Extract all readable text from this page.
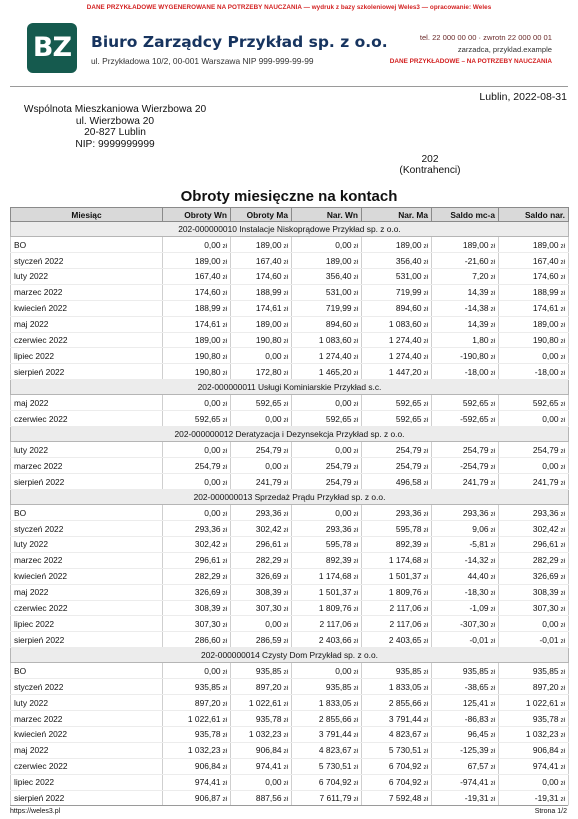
DANE PRZYKŁADOWE WYGENEROWANE NA POTRZEBY NAUCZANIA — wydruk z bazy szkoleniowej Weles3 — opracowanie: Weles
BZ	Biuro Zarządcy Przykład sp. z o.o.
ul. Przykładowa 10/2, 00-001 Warszawa NIP 999-999-99-99
tel. 22 000 00 00 · zwrotn 22 000 00 01
zarzadca, przyklad.example
DANE PRZYKŁADOWE – NA POTRZEBY NAUCZANIA
Lublin, 2022-08-31
Wspólnota Mieszkaniowa Wierzbowa 20
ul. Wierzbowa 20
20-827 Lublin
NIP: 9999999999
202
(Kontrahenci)
Obroty miesięczne na kontach
Miesiąc	Obroty Wn	Obroty Ma	Nar. Wn	Nar. Ma	Saldo mc-a	Saldo nar.
202-000000010 Instalacje Niskoprądowe Przykład sp. z o.o.						
BO	0,00 zł	189,00 zł	0,00 zł	189,00 zł	189,00 zł	189,00 zł
styczeń 2022	189,00 zł	167,40 zł	189,00 zł	356,40 zł	-21,60 zł	167,40 zł
luty 2022	167,40 zł	174,60 zł	356,40 zł	531,00 zł	7,20 zł	174,60 zł
marzec 2022	174,60 zł	188,99 zł	531,00 zł	719,99 zł	14,39 zł	188,99 zł
kwiecień 2022	188,99 zł	174,61 zł	719,99 zł	894,60 zł	-14,38 zł	174,61 zł
maj 2022	174,61 zł	189,00 zł	894,60 zł	1 083,60 zł	14,39 zł	189,00 zł
czerwiec 2022	189,00 zł	190,80 zł	1 083,60 zł	1 274,40 zł	1,80 zł	190,80 zł
lipiec 2022	190,80 zł	0,00 zł	1 274,40 zł	1 274,40 zł	-190,80 zł	0,00 zł
sierpień 2022	190,80 zł	172,80 zł	1 465,20 zł	1 447,20 zł	-18,00 zł	-18,00 zł
202-000000011 Usługi Kominiarskie Przykład s.c.						
maj 2022	0,00 zł	592,65 zł	0,00 zł	592,65 zł	592,65 zł	592,65 zł
czerwiec 2022	592,65 zł	0,00 zł	592,65 zł	592,65 zł	-592,65 zł	0,00 zł
202-000000012 Deratyzacja i Dezynsekcja Przykład sp. z o.o.						
luty 2022	0,00 zł	254,79 zł	0,00 zł	254,79 zł	254,79 zł	254,79 zł
marzec 2022	254,79 zł	0,00 zł	254,79 zł	254,79 zł	-254,79 zł	0,00 zł
sierpień 2022	0,00 zł	241,79 zł	254,79 zł	496,58 zł	241,79 zł	241,79 zł
202-000000013 Sprzedaż Prądu Przykład sp. z o.o.						
BO	0,00 zł	293,36 zł	0,00 zł	293,36 zł	293,36 zł	293,36 zł
styczeń 2022	293,36 zł	302,42 zł	293,36 zł	595,78 zł	9,06 zł	302,42 zł
luty 2022	302,42 zł	296,61 zł	595,78 zł	892,39 zł	-5,81 zł	296,61 zł
marzec 2022	296,61 zł	282,29 zł	892,39 zł	1 174,68 zł	-14,32 zł	282,29 zł
kwiecień 2022	282,29 zł	326,69 zł	1 174,68 zł	1 501,37 zł	44,40 zł	326,69 zł
maj 2022	326,69 zł	308,39 zł	1 501,37 zł	1 809,76 zł	-18,30 zł	308,39 zł
czerwiec 2022	308,39 zł	307,30 zł	1 809,76 zł	2 117,06 zł	-1,09 zł	307,30 zł
lipiec 2022	307,30 zł	0,00 zł	2 117,06 zł	2 117,06 zł	-307,30 zł	0,00 zł
sierpień 2022	286,60 zł	286,59 zł	2 403,66 zł	2 403,65 zł	-0,01 zł	-0,01 zł
202-000000014 Czysty Dom Przykład sp. z o.o.						
BO	0,00 zł	935,85 zł	0,00 zł	935,85 zł	935,85 zł	935,85 zł
styczeń 2022	935,85 zł	897,20 zł	935,85 zł	1 833,05 zł	-38,65 zł	897,20 zł
luty 2022	897,20 zł	1 022,61 zł	1 833,05 zł	2 855,66 zł	125,41 zł	1 022,61 zł
marzec 2022	1 022,61 zł	935,78 zł	2 855,66 zł	3 791,44 zł	-86,83 zł	935,78 zł
kwiecień 2022	935,78 zł	1 032,23 zł	3 791,44 zł	4 823,67 zł	96,45 zł	1 032,23 zł
maj 2022	1 032,23 zł	906,84 zł	4 823,67 zł	5 730,51 zł	-125,39 zł	906,84 zł
czerwiec 2022	906,84 zł	974,41 zł	5 730,51 zł	6 704,92 zł	67,57 zł	974,41 zł
lipiec 2022	974,41 zł	0,00 zł	6 704,92 zł	6 704,92 zł	-974,41 zł	0,00 zł
sierpień 2022	906,87 zł	887,56 zł	7 611,79 zł	7 592,48 zł	-19,31 zł	-19,31 zł
https://weles3.pl	Strona 1/2
